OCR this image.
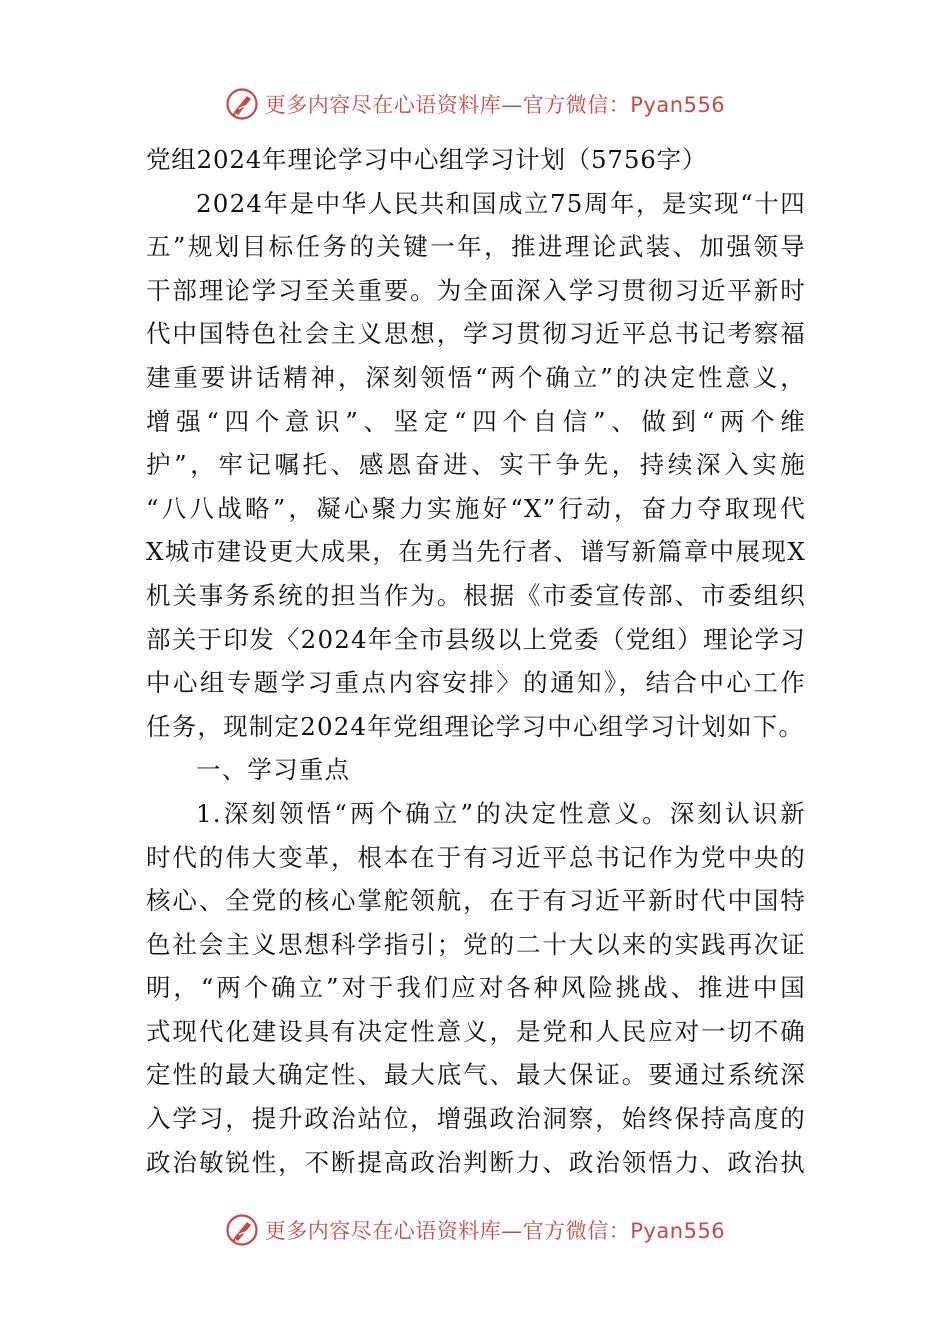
更多内容尽在心语资料库—官方微信：Pyan556
党组2024年理论学习中心组学习计划（5756字）
2024年是中华人民共和国成立75周年，是实现“十四
五”规划目标任务的关键一年，推进理论武装、加强领导
干部理论学习至关重要。为全面深入学习贯彻习近平新时
代中国特色社会主义思想，学习贯彻习近平总书记考察福
建重要讲话精神，深刻领悟“两个确立”的决定性意义，
增强“四个意识”、坚定“四个自信”、做到“两个维
护”，牢记嘱托、感恩奋进、实干争先，持续深入实施
“八八战略”，凝心聚力实施好“X”行动，奋力夺取现代
X城市建设更大成果，在勇当先行者、谱写新篇章中展现X
机关事务系统的担当作为。根据《市委宣传部、市委组织
部关于印发〈2024年全市县级以上党委（党组）理论学习
中心组专题学习重点内容安排〉的通知》，结合中心工作
任务，现制定2024年党组理论学习中心组学习计划如下。
一、学习重点
1.深刻领悟“两个确立”的决定性意义。深刻认识新
时代的伟大变革，根本在于有习近平总书记作为党中央的
核心、全党的核心掌舵领航，在于有习近平新时代中国特
色社会主义思想科学指引；党的二十大以来的实践再次证
明，“两个确立”对于我们应对各种风险挑战、推进中国
式现代化建设具有决定性意义，是党和人民应对一切不确
定性的最大确定性、最大底气、最大保证。要通过系统深
入学习，提升政治站位，增强政治洞察，始终保持高度的
政治敏锐性，不断提高政治判断力、政治领悟力、政治执
更多内容尽在心语资料库—官方微信：Pyan556
